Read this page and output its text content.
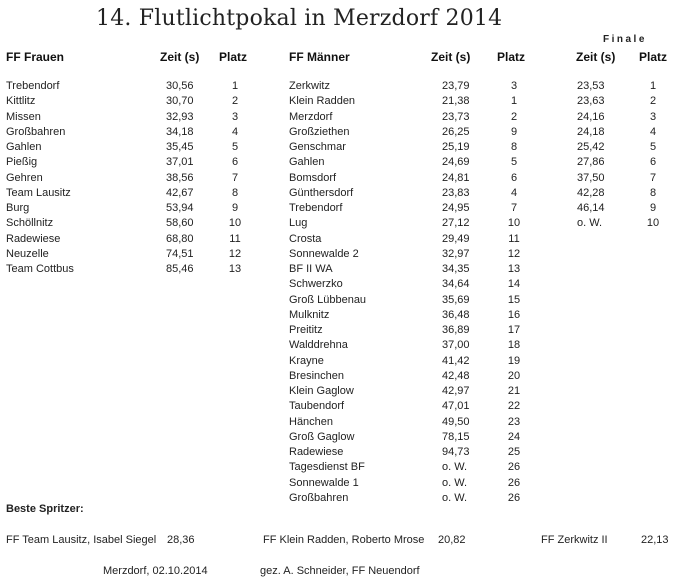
14. Flutlichtpokal in Merzdorf 2014
FF Frauen	Zeit (s) Platz	FF Männer	Zeit (s) Platz
Finale
Zeit (s) Platz
Trebendorf	30,56	1
Kittlitz	30,70	2
Missen	32,93	3
Großbahren	34,18	4
Gahlen	35,45	5
Pießig	37,01	6
Gehren	38,56	7
Team Lausitz	42,67	8
Burg	53,94	9
Schöllnitz	58,60	10
Radewiese	68,80	11
Neuzelle	74,51	12
Team Cottbus	85,46	13
Zerkwitz	23,79	3
Klein Radden	21,38	1
Merzdorf	23,73	2
Großziethen	26,25	9
Genschmar	25,19	8
Gahlen	24,69	5
Bomsdorf	24,81	6
Günthersdorf	23,83	4
Trebendorf	24,95	7
Lug	27,12	10
Crosta	29,49	11
Sonnewalde 2	32,97	12
BF II WA	34,35	13
Schwerzko	34,64	14
Groß Lübbenau	35,69	15
Mulknitz	36,48	16
Preititz	36,89	17
Walddrehna	37,00	18
Krayne	41,42	19
Bresinchen	42,48	20
Klein Gaglow	42,97	21
Taubendorf	47,01	22
Hänchen	49,50	23
Groß Gaglow	78,15	24
Radewiese	94,73	25
Tagesdienst BF	o. W.	26
Sonnewalde 1	o. W.	26
Großbahren	o. W.	26
23,53	1
23,63	2
24,16	3
24,18	4
25,42	5
27,86	6
37,50	7
42,28	8
46,14	9
o. W.	10
Beste Spritzer:
FF Team Lausitz, Isabel Siegel 28,36	FF Klein Radden, Roberto Mrose 20,82	FF Zerkwitz II	22,13
Merzdorf, 02.10.2014	gez. A. Schneider, FF Neuendorf
